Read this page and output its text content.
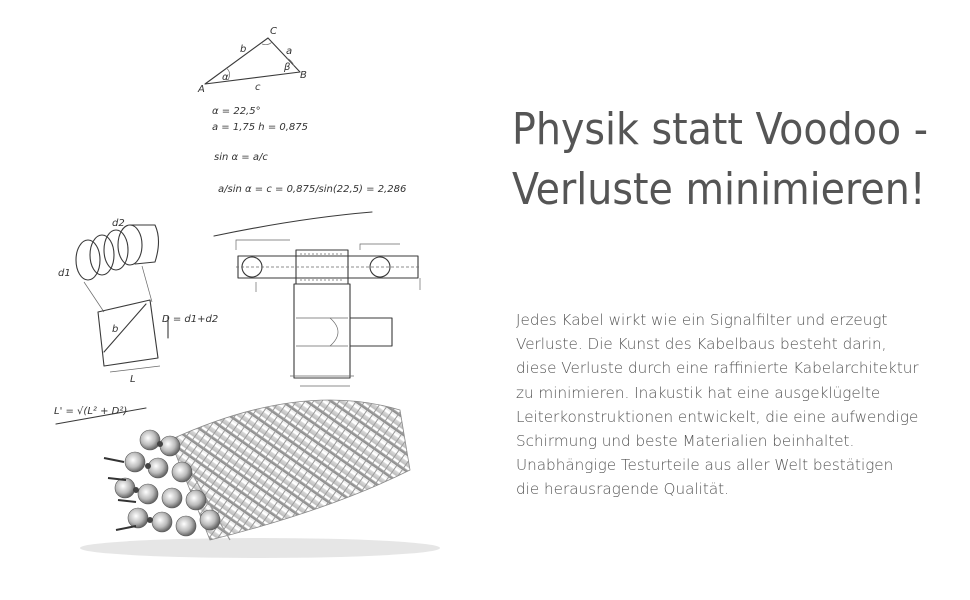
A
B
C
a
b
c
α
β
α = 22,5°
a = 1,75 h = 0,875
sin α = a/c
a/sin α = c = 0,875/sin(22,5) = 2,286
d2
d1
b
L
D = d1+d2
L' = √(L² + D²)
Physik statt Voodoo -
Verluste minimieren!

Jedes Kabel wirkt wie ein Signalfilter und erzeugt
Verluste. Die Kunst des Kabelbaus besteht darin,
diese Verluste durch eine raffinierte Kabelarchitektur
zu minimieren. Inakustik hat eine ausgeklügelte
Leiterkonstruktionen entwickelt, die eine aufwendige
Schirmung und beste Materialien beinhaltet.
Unabhängige Testurteile aus aller Welt bestätigen
die herausragende Qualität.
